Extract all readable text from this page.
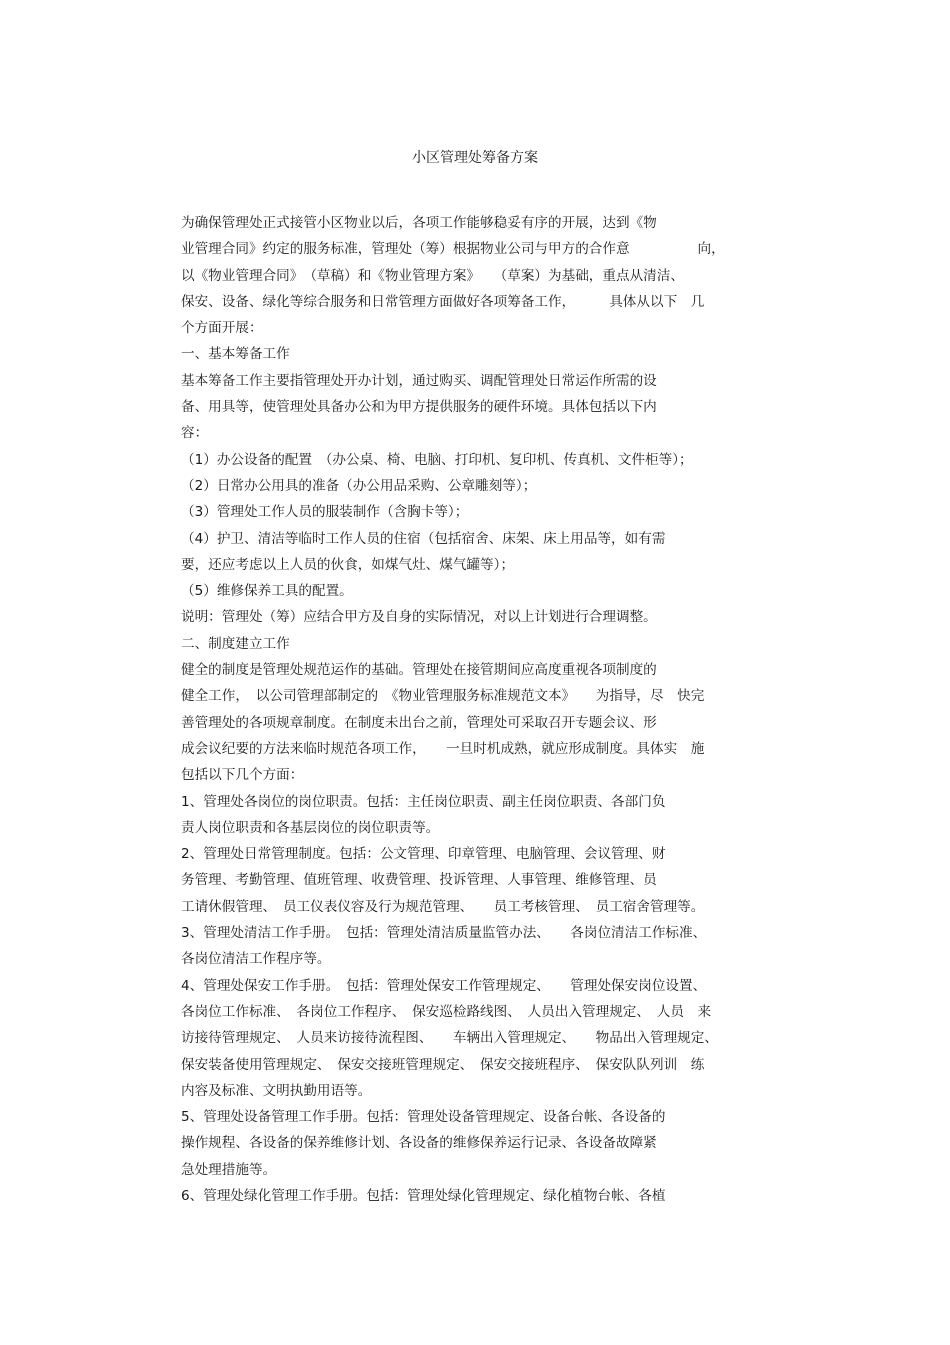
小区管理处筹备方案
为确保管理处正式接管小区物业以后，各项工作能够稳妥有序的开展，达到《物
业管理合同》约定的服务标准，管理处（筹）根据物业公司与甲方的合作意　　　　　向，
以《物业管理合同》　（草稿）和《物业管理方案》　　（草案）为基础，重点从清洁、
保安、设备、绿化等综合服务和日常管理方面做好各项筹备工作，　　　具体从以下　几
个方面开展：
一、基本筹备工作
基本筹备工作主要指管理处开办计划，通过购买、调配管理处日常运作所需的设
备、用具等，使管理处具备办公和为甲方提供服务的硬件环境。具体包括以下内
容：
（1）办公设备的配置　（办公桌、椅、电脑、打印机、复印机、传真机、文件柜等）；
（2）日常办公用具的准备（办公用品采购、公章雕刻等）；
（3）管理处工作人员的服装制作（含胸卡等）；
（4）护卫、清洁等临时工作人员的住宿（包括宿舍、床架、床上用品等，如有需
要，还应考虑以上人员的伙食，如煤气灶、煤气罐等）；
（5）维修保养工具的配置。
说明：管理处（筹）应结合甲方及自身的实际情况，对以上计划进行合理调整。
二、制度建立工作
健全的制度是管理处规范运作的基础。管理处在接管期间应高度重视各项制度的
健全工作，　以公司管理部制定的　《物业管理服务标准规范文本》　　为指导，尽　快完
善管理处的各项规章制度。在制度未出台之前，管理处可采取召开专题会议、形
成会议纪要的方法来临时规范各项工作，　　一旦时机成熟，就应形成制度。具体实　施
包括以下几个方面：
1、管理处各岗位的岗位职责。包括：主任岗位职责、副主任岗位职责、各部门负
责人岗位职责和各基层岗位的岗位职责等。
2、管理处日常管理制度。包括：公文管理、印章管理、电脑管理、会议管理、财
务管理、考勤管理、值班管理、收费管理、投诉管理、人事管理、维修管理、员
工请休假管理、　员工仪表仪容及行为规范管理、　　员工考核管理、　员工宿舍管理等。
3、管理处清洁工作手册。　包括：管理处清洁质量监管办法、　　各岗位清洁工作标准、
各岗位清洁工作程序等。
4、管理处保安工作手册。　包括：管理处保安工作管理规定、　　管理处保安岗位设置、
各岗位工作标准、　各岗位工作程序、　保安巡检路线图、　人员出入管理规定、　人员　来
访接待管理规定、　人员来访接待流程图、　　车辆出入管理规定、　　物品出入管理规定、
保安装备使用管理规定、　保安交接班管理规定、　保安交接班程序、　保安队队列训　练
内容及标准、文明执勤用语等。
5、管理处设备管理工作手册。包括：管理处设备管理规定、设备台帐、各设备的
操作规程、各设备的保养维修计划、各设备的维修保养运行记录、各设备故障紧
急处理措施等。
6、管理处绿化管理工作手册。包括：管理处绿化管理规定、绿化植物台帐、各植
